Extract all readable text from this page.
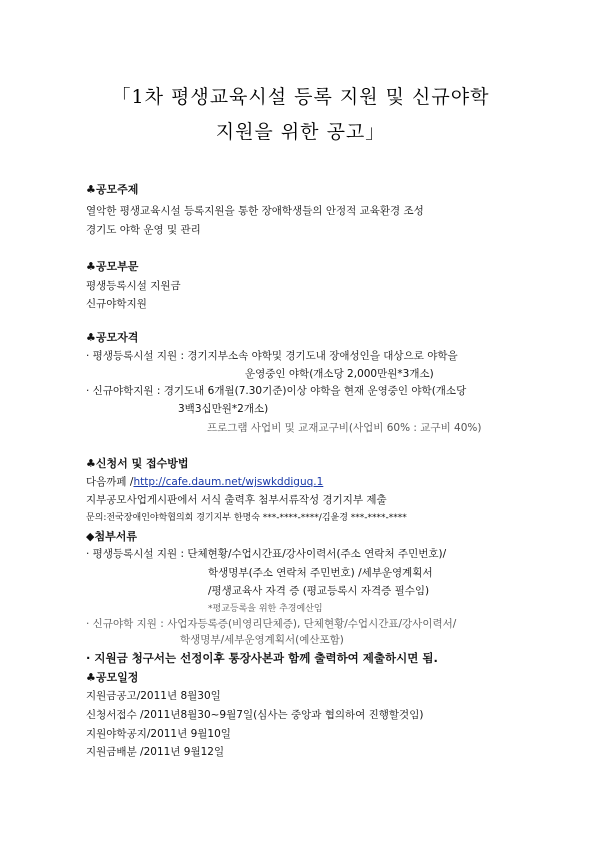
「1차 평생교육시설 등록 지원 및 신규야학
지원을 위한 공고」
♣공모주제
열악한 평생교육시설 등록지원을 통한 장애학생들의 안정적 교육환경 조성
경기도 야학 운영 및 관리
♣공모부문
평생등록시설 지원금
신규야학지원
♣공모자격
· 평생등록시설 지원 : 경기지부소속 야학및 경기도내 장애성인을 대상으로 야학을
운영중인 야학(개소당 2,000만원*3개소)
· 신규야학지원 : 경기도내 6개월(7.30기준)이상 야학을 현재 운영중인 야학(개소당
3백3십만원*2개소)
프로그램 사업비 및 교재교구비(사업비 60% : 교구비 40%)
♣신청서 및 접수방법
다음까페 /http://cafe.daum.net/wjswkddiguq.1
지부공모사업게시판에서 서식 출력후 첨부서류작성 경기지부 제출
문의:전국장애인야학협의회 경기지부 한명숙 ***-****-****/김윤경 ***-****-****
◆첨부서류
· 평생등록시설 지원 : 단체현황/수업시간표/강사이력서(주소 연락처 주민번호)/
학생명부(주소 연락처 주민번호) /세부운영계획서
/평생교육사 자격 증 (평교등록시 자격증 필수임)
*평교등록을 위한 추경예산임
· 신규야학 지원 : 사업자등록증(비영리단체증), 단체현황/수업시간표/강사이력서/
학생명부/세부운영계획서(예산포함)
· 지원금 청구서는 선정이후 통장사본과 함께 출력하여 제출하시면 됨.
♣공모일정
지원금공고/2011년 8월30일
신청서접수 /2011년8월30~9월7일(심사는 중앙과 협의하여 진행할것임)
지원야학공지/2011년 9월10일
지원금배분 /2011년 9월12일
